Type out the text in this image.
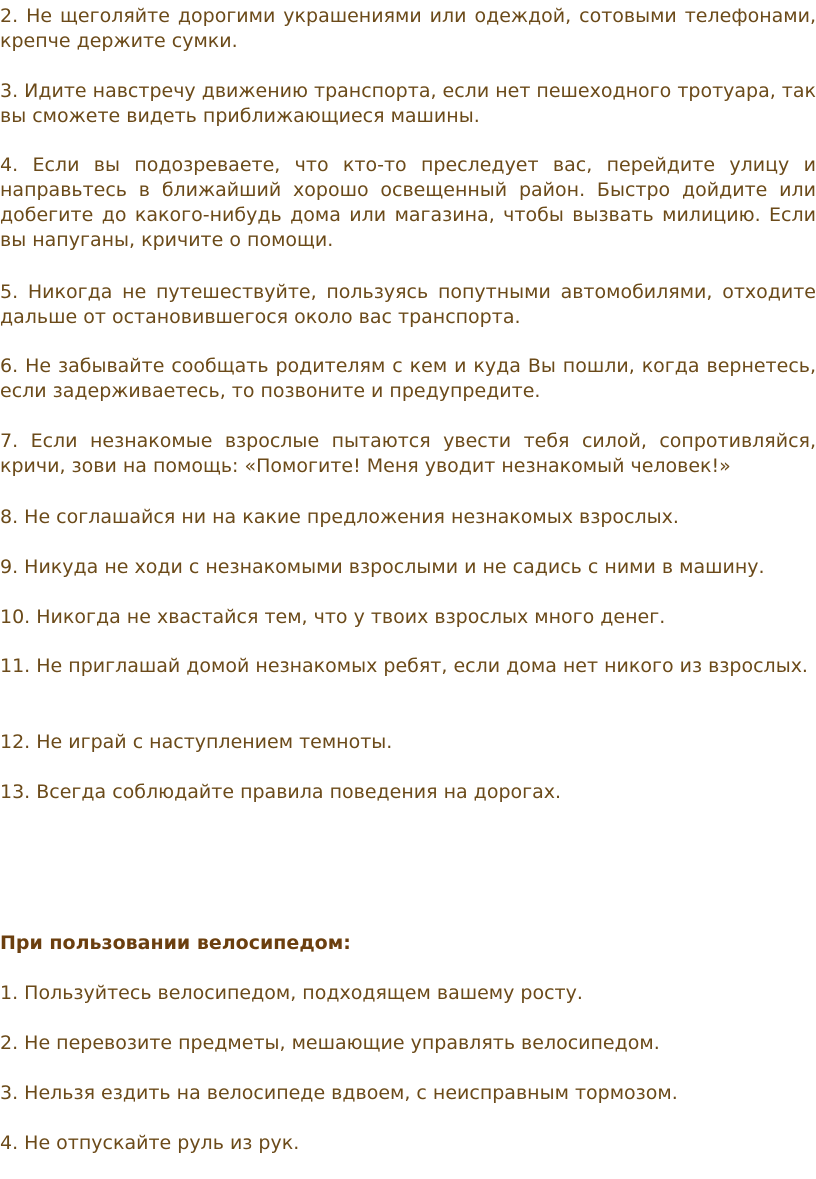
2. Не щеголяйте дорогими украшениями или одеждой, сотовыми телефонами, крепче держите сумки.

3. Идите навстречу движению транспорта, если нет пешеходного тротуара, так вы сможете видеть приближающиеся машины.

4. Если вы подозреваете, что кто-то преследует вас, перейдите улицу и направьтесь в ближайший хорошо освещенный район. Быстро дойдите или добегите до какого-нибудь дома или магазина, чтобы вызвать милицию. Если вы напуганы, кричите о помощи.

5. Никогда не путешествуйте, пользуясь попутными автомобилями, отходите дальше от остановившегося около вас транспорта.

6. Не забывайте сообщать родителям с кем и куда Вы пошли, когда вернетесь, если задерживаетесь, то позвоните и предупредите.

7. Если незнакомые взрослые пытаются увести тебя силой, сопротивляйся, кричи, зови на помощь: «Помогите! Меня уводит незнакомый человек!»

8. Не соглашайся ни на какие предложения незнакомых взрослых.

9. Никуда не ходи с незнакомыми взрослыми и не садись с ними в машину.

10. Никогда не хвастайся тем, что у твоих взрослых много денег.

11. Не приглашай домой незнакомых ребят, если дома нет никого из взрослых.

12. Не играй с наступлением темноты.

13. Всегда соблюдайте правила поведения на дорогах.

При пользовании велосипедом:

1. Пользуйтесь велосипедом, подходящем вашему росту.

2. Не перевозите предметы, мешающие управлять велосипедом.

3. Нельзя ездить на велосипеде вдвоем, с неисправным тормозом.

4. Не отпускайте руль из рук.
